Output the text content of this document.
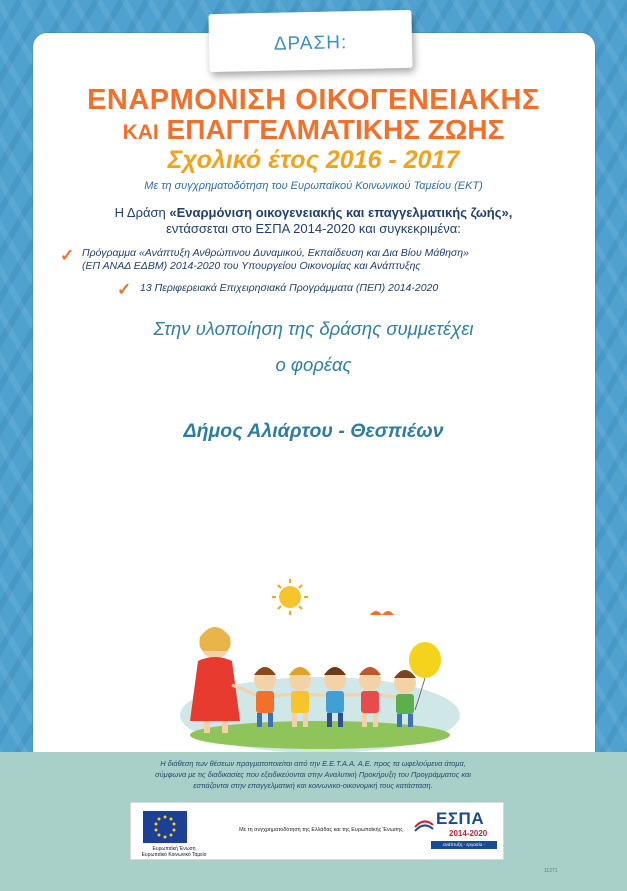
ΔΡΑΣΗ:
ΕΝΑΡΜΟΝΙΣΗ ΟΙΚΟΓΕΝΕΙΑΚΗΣ
ΚΑΙ ΕΠΑΓΓΕΛΜΑΤΙΚΗΣ ΖΩΗΣ
Σχολικό έτος 2016 - 2017
Με τη συγχρηματοδότηση του Ευρωπαϊκού Κοινωνικού Ταμείου (ΕΚΤ)
Η Δράση «Εναρμόνιση οικογενειακής και επαγγελματικής ζωής»,
εντάσσεται στο ΕΣΠΑ 2014-2020 και συγκεκριμένα:
✓ Πρόγραμμα «Ανάπτυξη Ανθρώπινου Δυναμικού, Εκπαίδευση και Δια Βίου Μάθηση»
(ΕΠ ΑΝΑΔ ΕΔΒΜ) 2014-2020 του Υπουργείου Οικονομίας και Ανάπτυξης
✓ 13 Περιφερειακά Επιχειρησιακά Προγράμματα (ΠΕΠ) 2014-2020
Στην υλοποίηση της δράσης συμμετέχει
ο φορέας
Δήμος Αλιάρτου - Θεσπιέων
Η διάθεση των θέσεων πραγματοποιείται από την Ε.Ε.Τ.Α.Α. Α.Ε. προς τα ωφελούμενα άτομα,
σύμφωνα με τις διαδικασίες που εξειδικεύονται στην Αναλυτική Προκήρυξη του Προγράμματος και
εστιάζονται στην επαγγελματική και κοινωνικο-οικονομική τους κατάσταση.
Ευρωπαϊκή Ένωση
Ευρωπαϊκό Κοινωνικό Ταμείο
Με τη συγχρηματοδότηση της Ελλάδας και της Ευρωπαϊκής Ένωσης
ΕΣΠΑ
2014-2020
ανάπτυξη - εργασία - αλληλεγγύη
11271
